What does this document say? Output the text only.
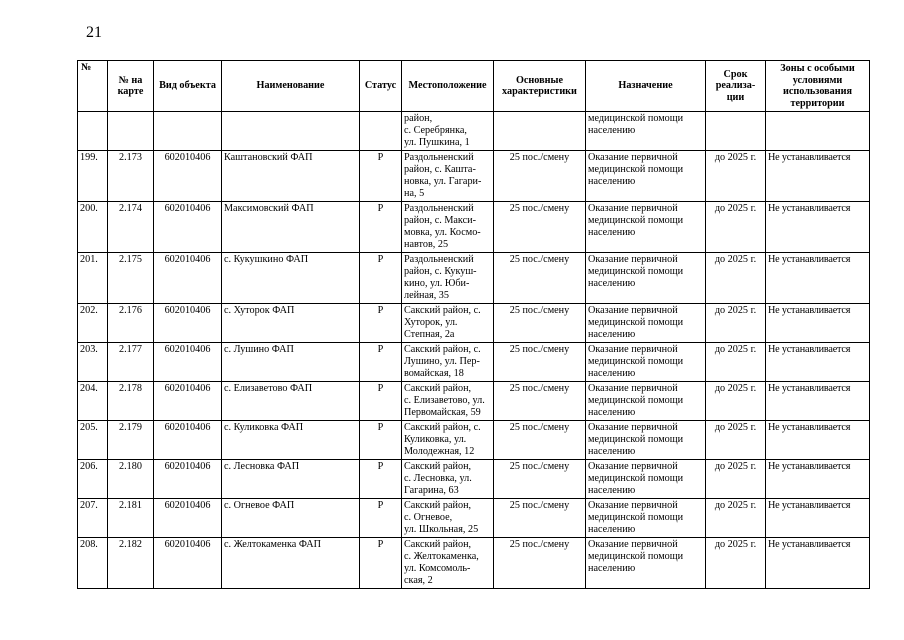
21
№	№ на карте	Вид объекта	Наименование	Статус	Местоположение	Основные характеристики	Назначение	Срок реализа-ции	Зоны с особыми условиями использования территории

					район,
с. Серебрянка,
ул. Пушкина, 1		медицинской помощи
населению		

199.	2.173	602010406	Каштановский ФАП	Р	Раздольненский
район, с. Кашта-
новка, ул. Гагари-
на, 5	25 пос./смену	Оказание первичной
медицинской помощи
населению	до 2025 г.	Не устанавливается
200.	2.174	602010406	Максимовский ФАП	Р	Раздольненский
район, с. Макси-
мовка, ул. Космо-
навтов, 25	25 пос./смену	Оказание первичной
медицинской помощи
населению	до 2025 г.	Не устанавливается
201.	2.175	602010406	с. Кукушкино ФАП	Р	Раздольненский
район, с. Кукуш-
кино, ул. Юби-
лейная, 35	25 пос./смену	Оказание первичной
медицинской помощи
населению	до 2025 г.	Не устанавливается
202.	2.176	602010406	с. Хуторок ФАП	Р	Сакский район, с.
Хуторок, ул.
Степная, 2а	25 пос./смену	Оказание первичной
медицинской помощи
населению	до 2025 г.	Не устанавливается
203.	2.177	602010406	с. Лушино ФАП	Р	Сакский район, с.
Лушино, ул. Пер-
вомайская, 18	25 пос./смену	Оказание первичной
медицинской помощи
населению	до 2025 г.	Не устанавливается
204.	2.178	602010406	с. Елизаветово ФАП	Р	Сакский район,
с. Елизаветово, ул.
Первомайская, 59	25 пос./смену	Оказание первичной
медицинской помощи
населению	до 2025 г.	Не устанавливается
205.	2.179	602010406	с. Куликовка ФАП	Р	Сакский район, с.
Куликовка, ул.
Молодежная, 12	25 пос./смену	Оказание первичной
медицинской помощи
населению	до 2025 г.	Не устанавливается
206.	2.180	602010406	с. Лесновка ФАП	Р	Сакский район,
с. Лесновка, ул.
Гагарина, 63	25 пос./смену	Оказание первичной
медицинской помощи
населению	до 2025 г.	Не устанавливается
207.	2.181	602010406	с. Огневое ФАП	Р	Сакский район,
с. Огневое,
ул. Школьная, 25	25 пос./смену	Оказание первичной
медицинской помощи
населению	до 2025 г.	Не устанавливается
208.	2.182	602010406	с. Желтокаменка ФАП	Р	Сакский район,
с. Желтокаменка,
ул. Комсомоль-
ская, 2	25 пос./смену	Оказание первичной
медицинской помощи
населению	до 2025 г.	Не устанавливается
